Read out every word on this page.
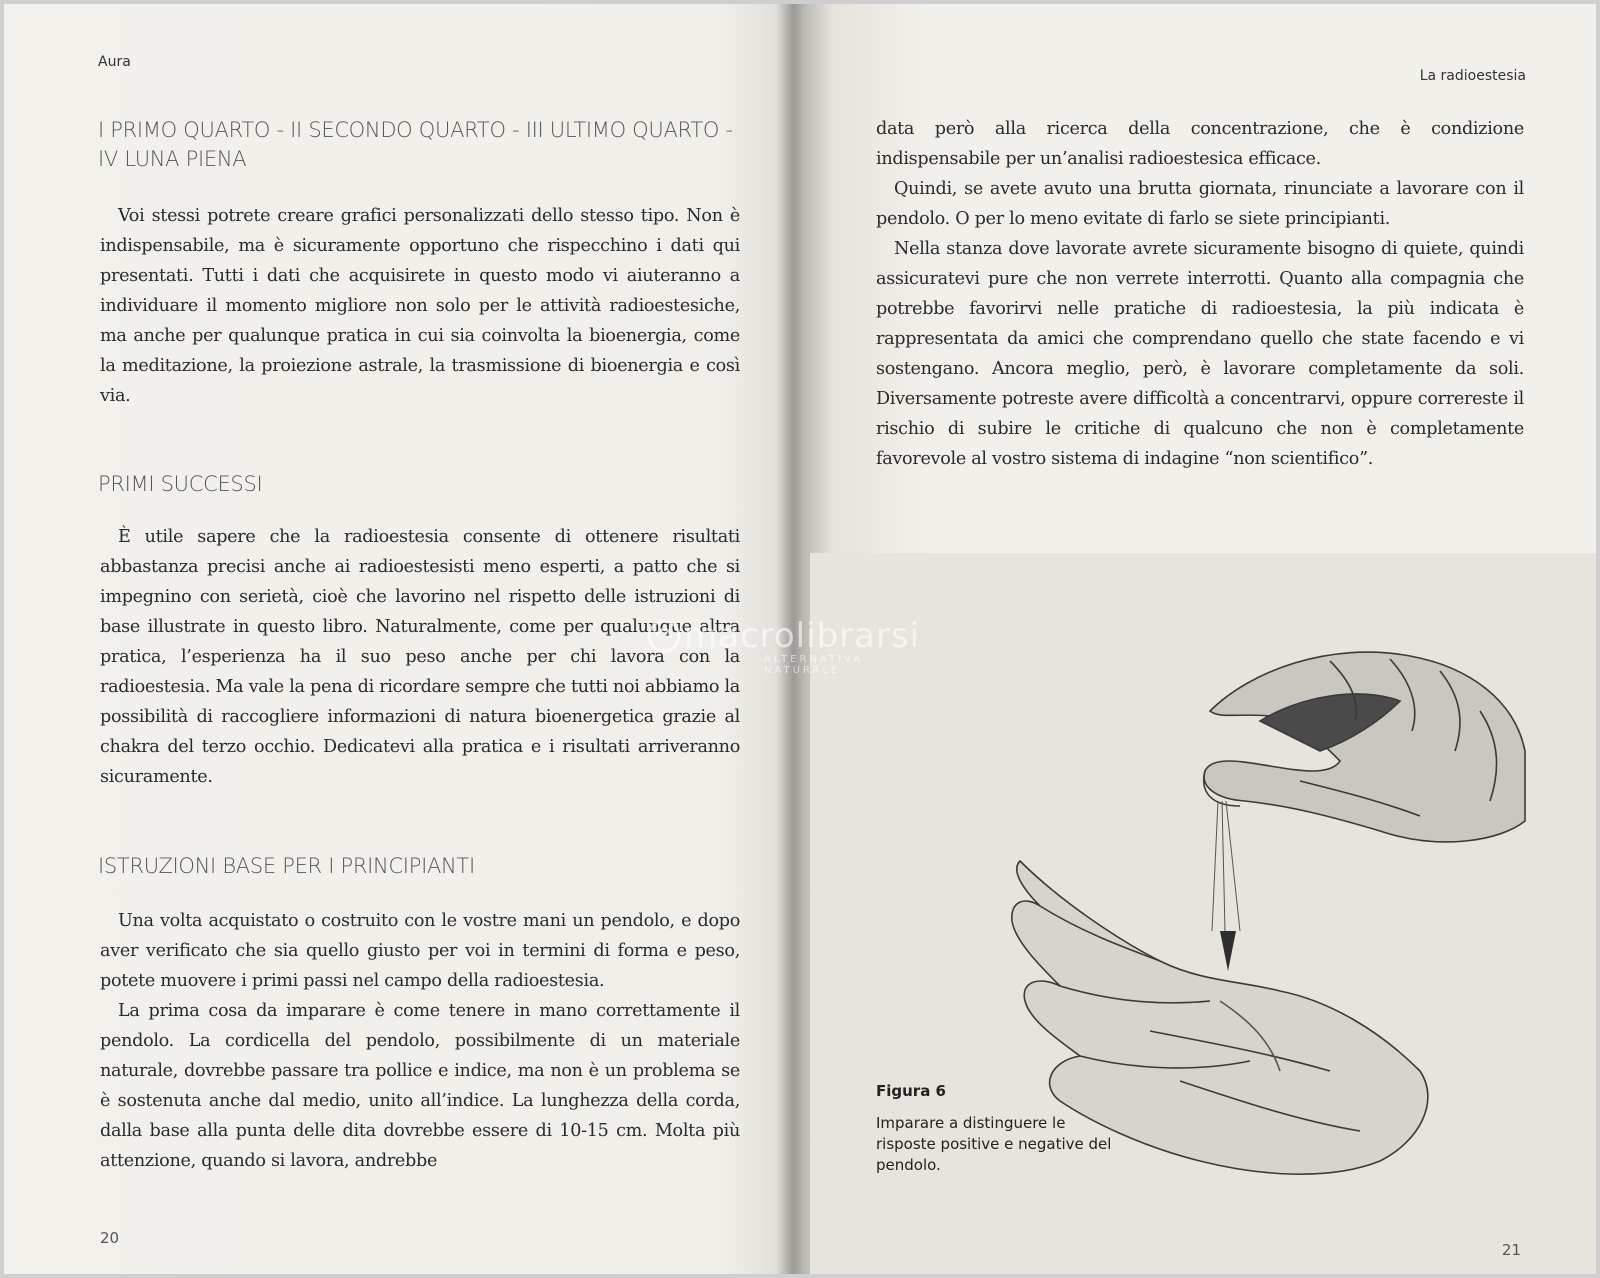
Aura
I PRIMO QUARTO - II SECONDO QUARTO - III ULTIMO QUARTO - IV LUNA PIENA

Voi stessi potrete creare grafici personalizzati dello stesso tipo. Non è indispensabile, ma è sicuramente opportuno che rispecchino i dati qui presentati. Tutti i dati che acquisirete in questo modo vi aiuteranno a individuare il momento migliore non solo per le attività radioestesiche, ma anche per qualunque pratica in cui sia coinvolta la bioenergia, come la meditazione, la proiezione astrale, la trasmissione di bioenergia e così via.

PRIMI SUCCESSI

È utile sapere che la radioestesia consente di ottenere risultati abbastanza precisi anche ai radioestesisti meno esperti, a patto che si impegnino con serietà, cioè che lavorino nel rispetto delle istruzioni di base illustrate in questo libro. Naturalmente, come per qualunque altra pratica, l’esperienza ha il suo peso anche per chi lavora con la radioestesia. Ma vale la pena di ricordare sempre che tutti noi abbiamo la possibilità di raccogliere informazioni di natura bioenergetica grazie al chakra del terzo occhio. Dedicatevi alla pratica e i risultati arriveranno sicuramente.

ISTRUZIONI BASE PER I PRINCIPIANTI

Una volta acquistato o costruito con le vostre mani un pendolo, e dopo aver verificato che sia quello giusto per voi in termini di forma e peso, potete muovere i primi passi nel campo della radioestesia.

La prima cosa da imparare è come tenere in mano correttamente il pendolo. La cordicella del pendolo, possibilmente di un materiale naturale, dovrebbe passare tra pollice e indice, ma non è un problema se è sostenuta anche dal medio, unito all’indice. La lunghezza della corda, dalla base alla punta delle dita dovrebbe essere di 10-15 cm. Molta più attenzione, quando si lavora, andrebbe

20
La radioestesia

data però alla ricerca della concentrazione, che è condizione indispensabile per un’analisi radioestesica efficace.

Quindi, se avete avuto una brutta giornata, rinunciate a lavorare con il pendolo. O per lo meno evitate di farlo se siete principianti.

Nella stanza dove lavorate avrete sicuramente bisogno di quiete, quindi assicuratevi pure che non verrete interrotti. Quanto alla compagnia che potrebbe favorirvi nelle pratiche di radioestesia, la più indicata è rappresentata da amici che comprendano quello che state facendo e vi sostengano. Ancora meglio, però, è lavorare completamente da soli. Diversamente potreste avere difficoltà a concentrarvi, oppure correreste il rischio di subire le critiche di qualcuno che non è completamente favorevole al vostro sistema di indagine “non scientifico”.

Figura 6
Imparare a distinguere le risposte positive e negative del pendolo.
21
macrolibrarsi
ALTERNATIVA NATURALE
